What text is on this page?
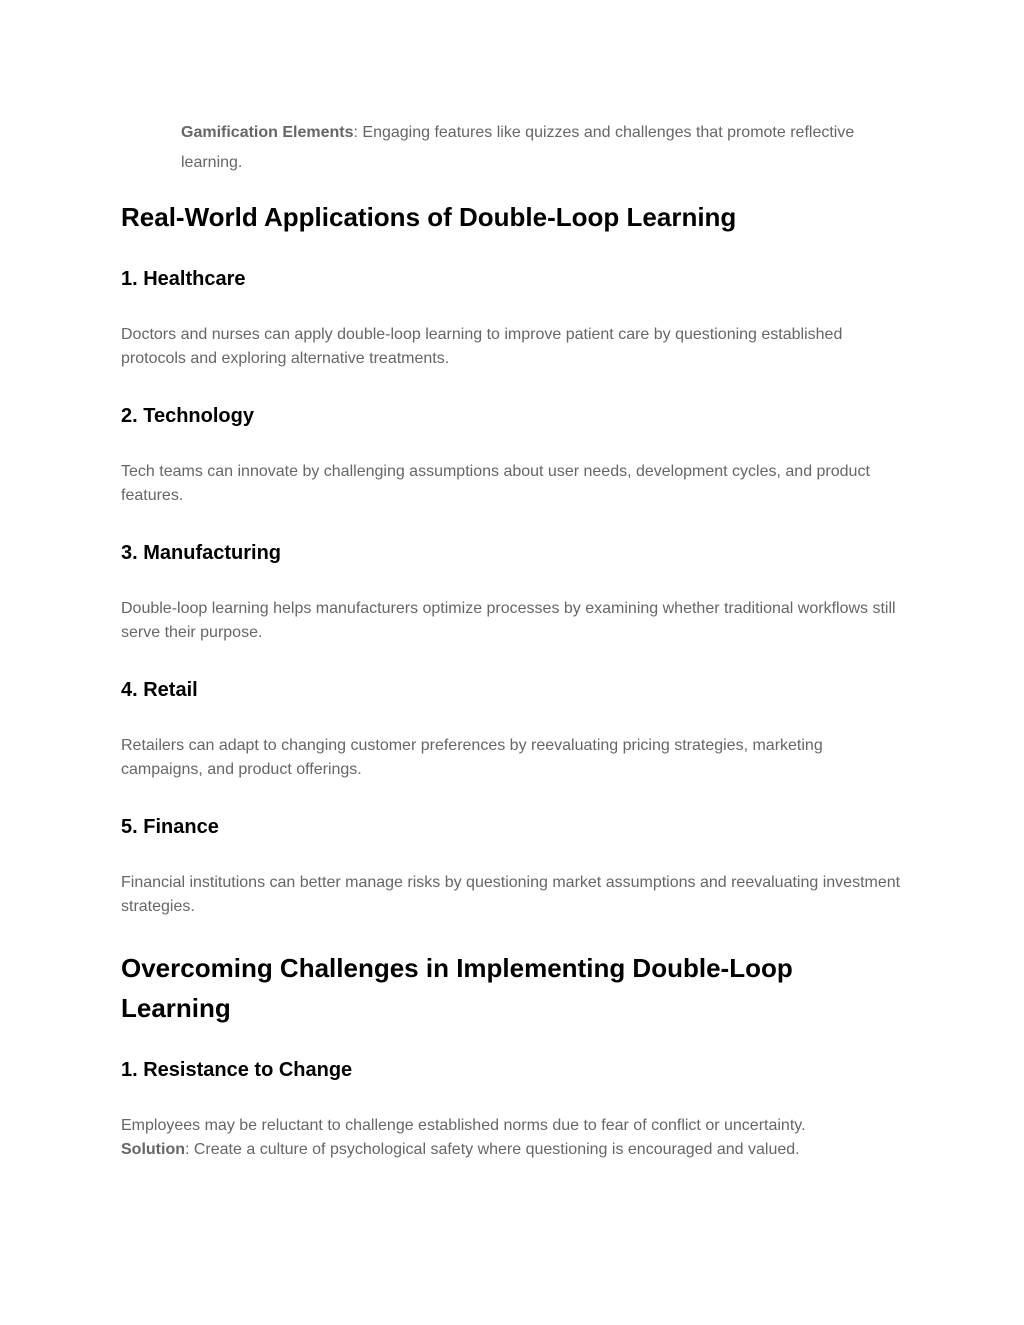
Gamification Elements: Engaging features like quizzes and challenges that promote reflective learning.

Real-World Applications of Double-Loop Learning
1. Healthcare

Doctors and nurses can apply double-loop learning to improve patient care by questioning established protocols and exploring alternative treatments.

2. Technology

Tech teams can innovate by challenging assumptions about user needs, development cycles, and product features.

3. Manufacturing

Double-loop learning helps manufacturers optimize processes by examining whether traditional workflows still serve their purpose.

4. Retail

Retailers can adapt to changing customer preferences by reevaluating pricing strategies, marketing campaigns, and product offerings.

5. Finance

Financial institutions can better manage risks by questioning market assumptions and reevaluating investment strategies.

Overcoming Challenges in Implementing Double-Loop Learning
1. Resistance to Change

Employees may be reluctant to challenge established norms due to fear of conflict or uncertainty.
Solution: Create a culture of psychological safety where questioning is encouraged and valued.
